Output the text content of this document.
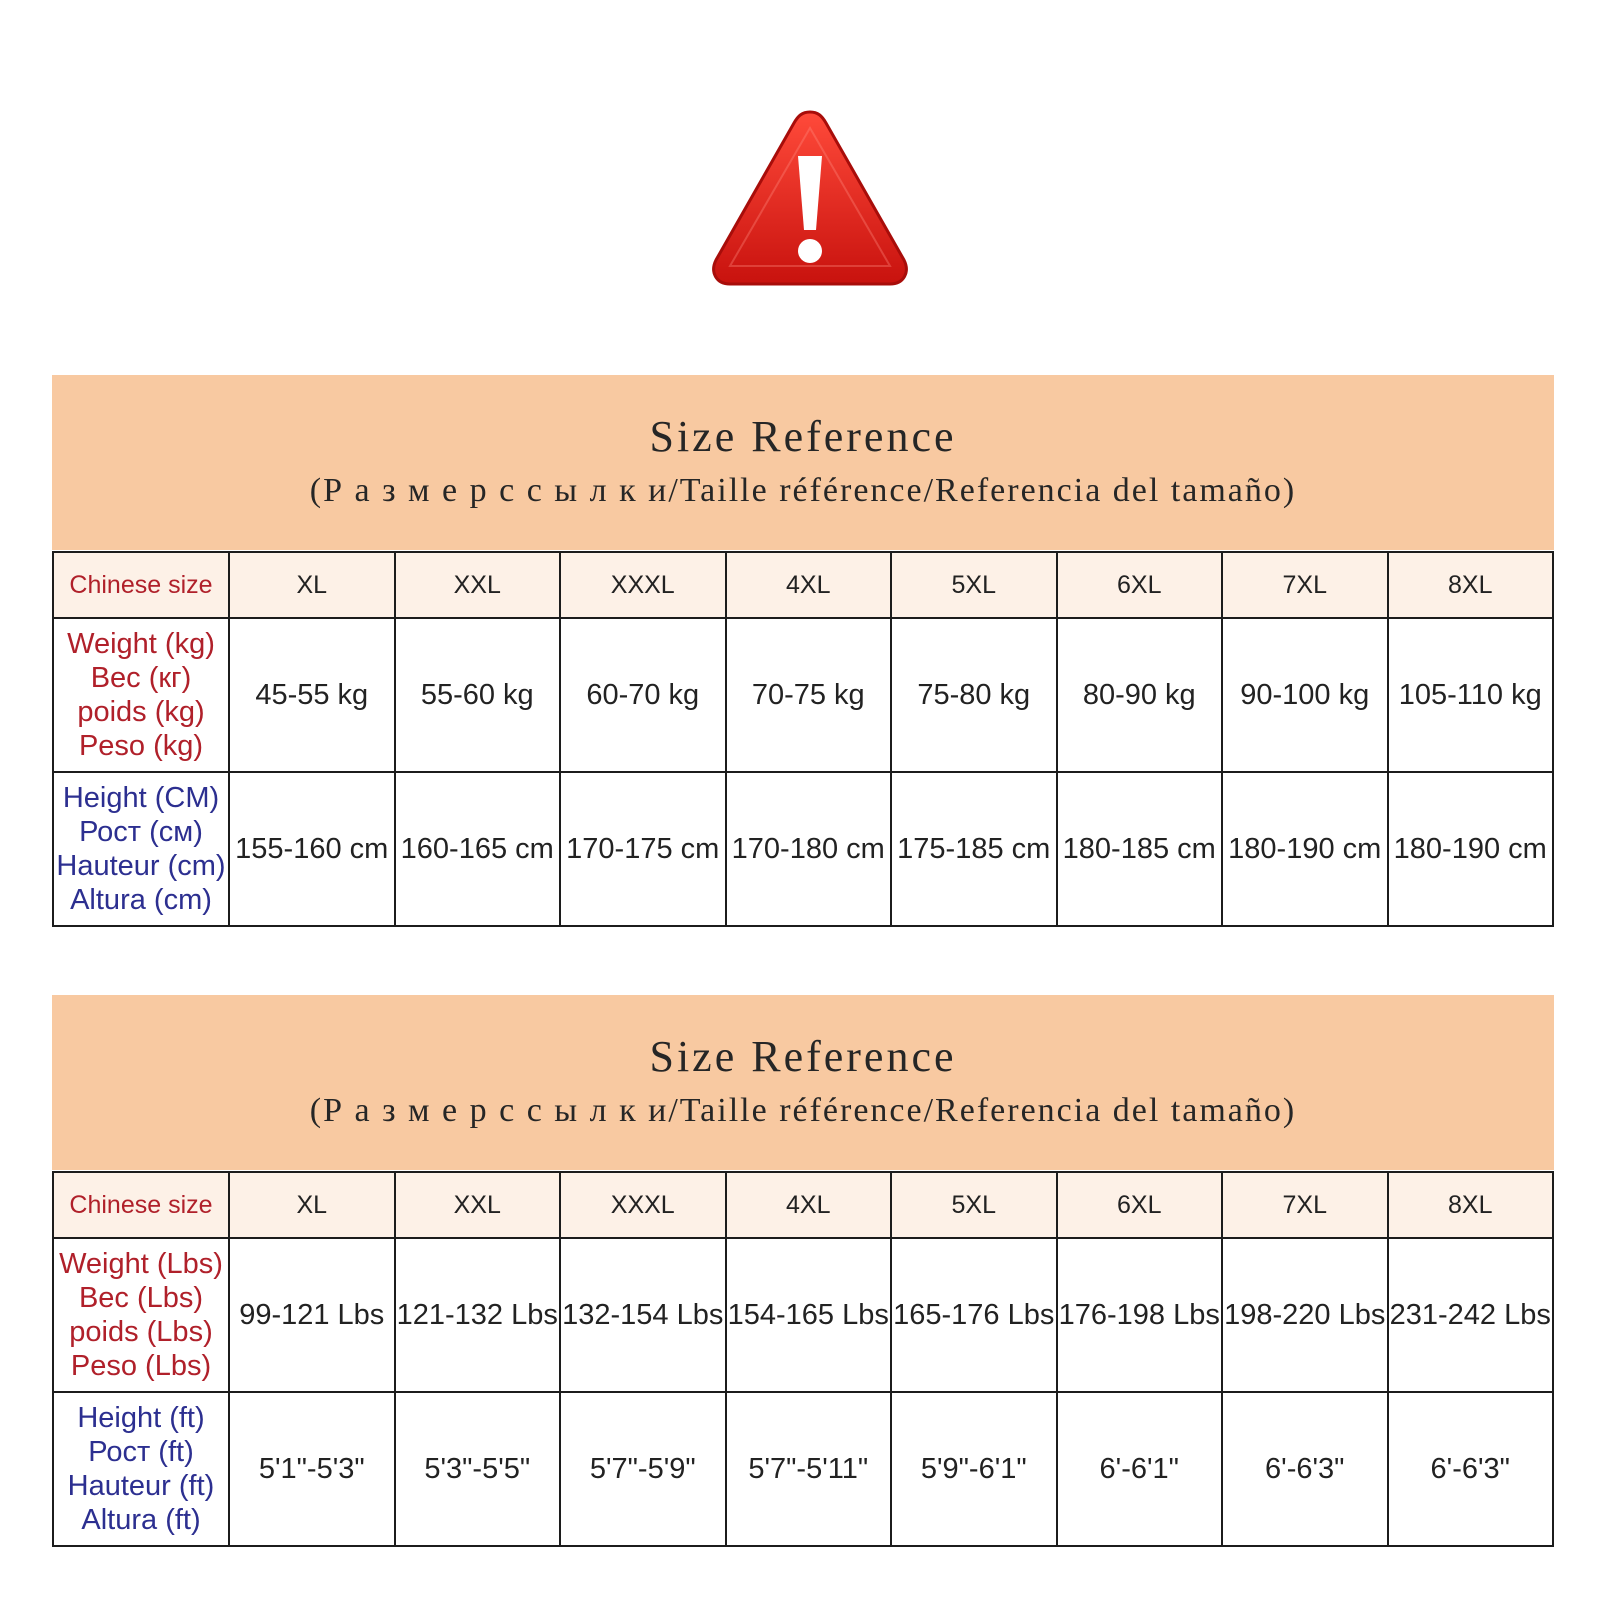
Size Reference
(Р а з м е р с с ы л к и/Taille référence/Referencia del tamaño)
Chinese size	XL	XXL	XXXL	4XL	5XL	6XL	7XL	8XL

Weight (kg)
Вес (кг)
poids (kg)
Peso (kg)	45-55 kg	55-60 kg	60-70 kg	70-75 kg	75-80 kg	80-90 kg	90-100 kg	105-110 kg

Height (CM)
Рост (см)
Hauteur (cm)
Altura (cm)	155-160 cm	160-165 cm	170-175 cm	170-180 cm	175-185 cm	180-185 cm	180-190 cm	180-190 cm
Size Reference
(Р а з м е р с с ы л к и/Taille référence/Referencia del tamaño)
Chinese size	XL	XXL	XXXL	4XL	5XL	6XL	7XL	8XL

Weight (Lbs)
Вес (Lbs)
poids (Lbs)
Peso (Lbs)	99-121 Lbs	121-132 Lbs	132-154 Lbs	154-165 Lbs	165-176 Lbs	176-198 Lbs	198-220 Lbs	231-242 Lbs

Height (ft)
Рост (ft)
Hauteur (ft)
Altura (ft)	5'1"-5'3"	5'3"-5'5"	5'7"-5'9"	5'7"-5'11"	5'9"-6'1"	6'-6'1"	6'-6'3"	6'-6'3"
